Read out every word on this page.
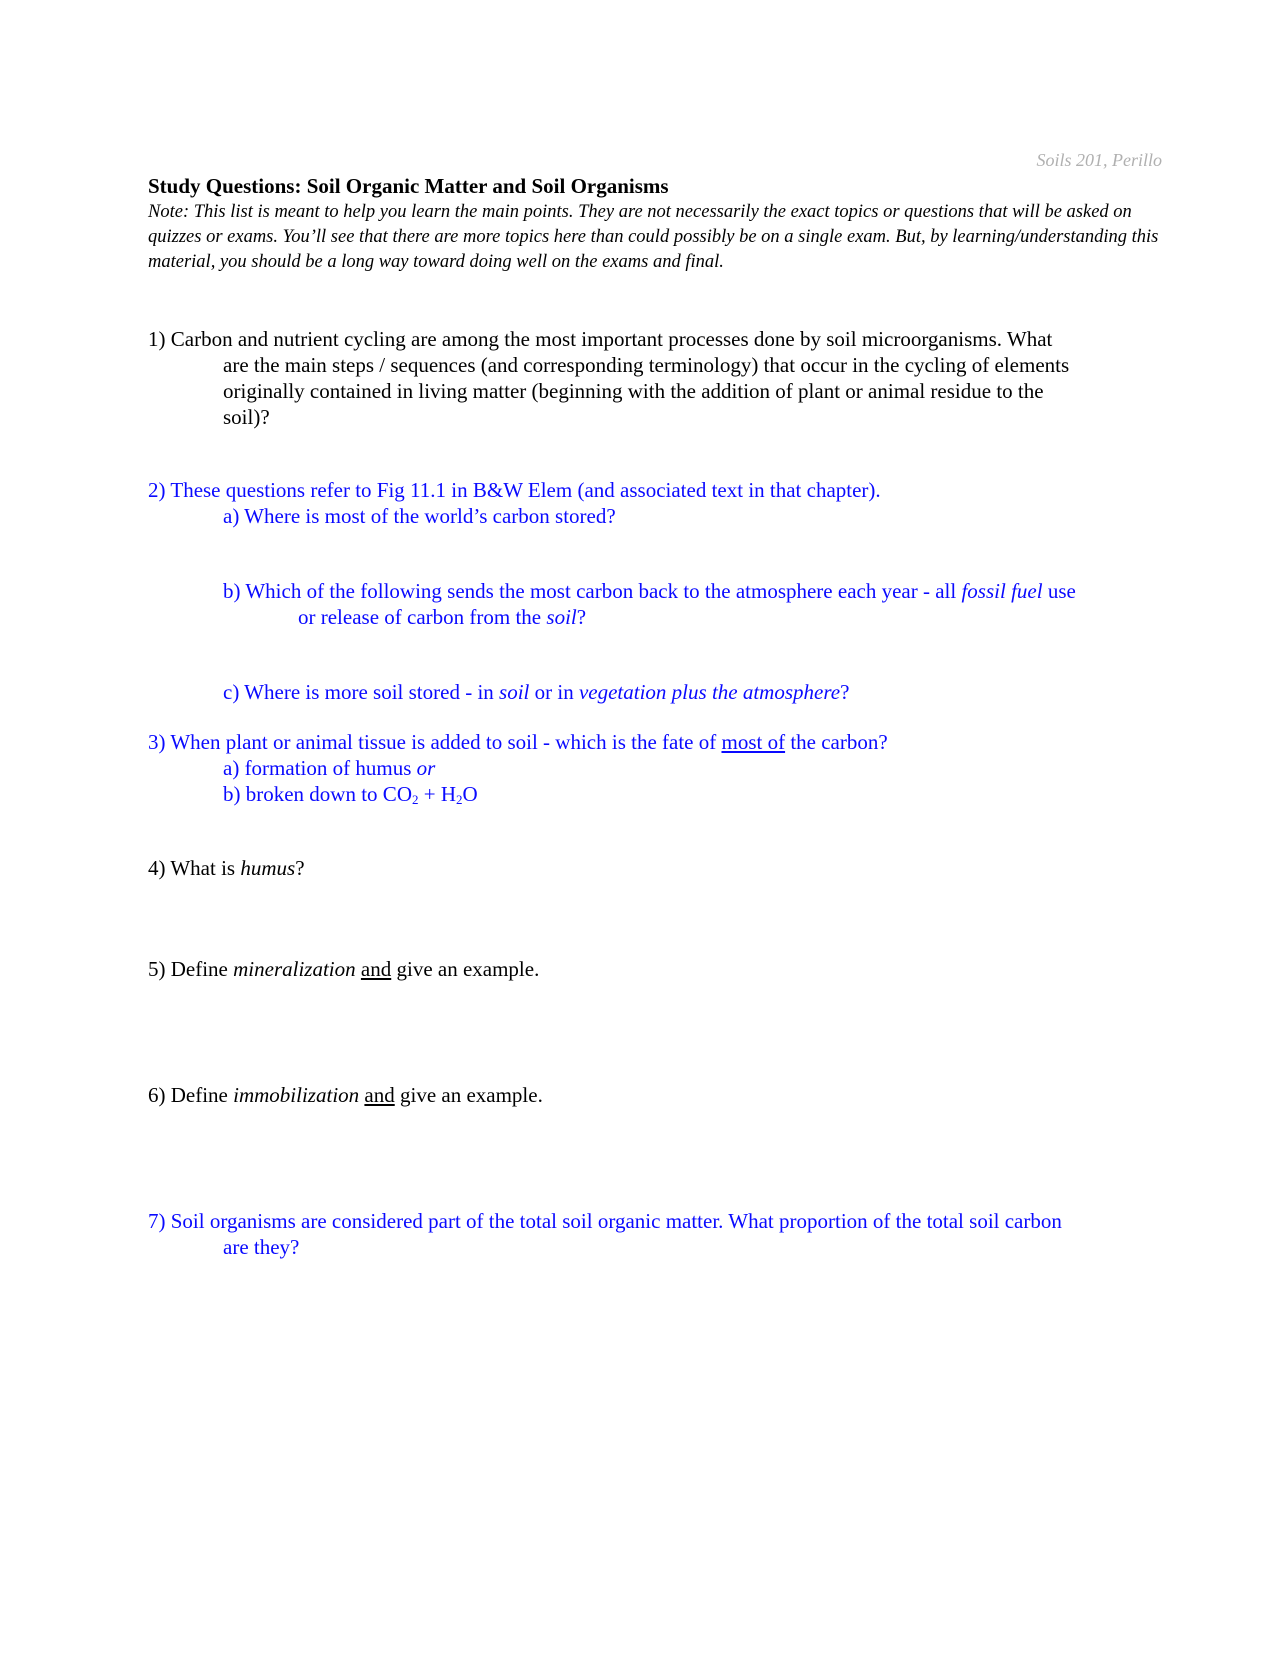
Soils 201, Perillo
Study Questions: Soil Organic Matter and Soil Organisms
Note: This list is meant to help you learn the main points. They are not necessarily the exact topics or questions that will be asked on quizzes or exams. You’ll see that there are more topics here than could possibly be on a single exam. But, by learning/understanding this material, you should be a long way toward doing well on the exams and final.
1) Carbon and nutrient cycling are among the most important processes done by soil microorganisms. What
are the main steps / sequences (and corresponding terminology) that occur in the cycling of elements
originally contained in living matter (beginning with the addition of plant or animal residue to the
soil)?
2) These questions refer to Fig 11.1 in B&W Elem (and associated text in that chapter).
a) Where is most of the world’s carbon stored?
b) Which of the following sends the most carbon back to the atmosphere each year - all fossil fuel use
or release of carbon from the soil?
c) Where is more soil stored - in soil or in vegetation plus the atmosphere?
3) When plant or animal tissue is added to soil - which is the fate of most of the carbon?
a) formation of humus or
b) broken down to $CO_2 + H_2O$
4) What is humus?
5) Define mineralization and give an example.
6) Define immobilization and give an example.
7) Soil organisms are considered part of the total soil organic matter. What proportion of the total soil carbon
are they?
